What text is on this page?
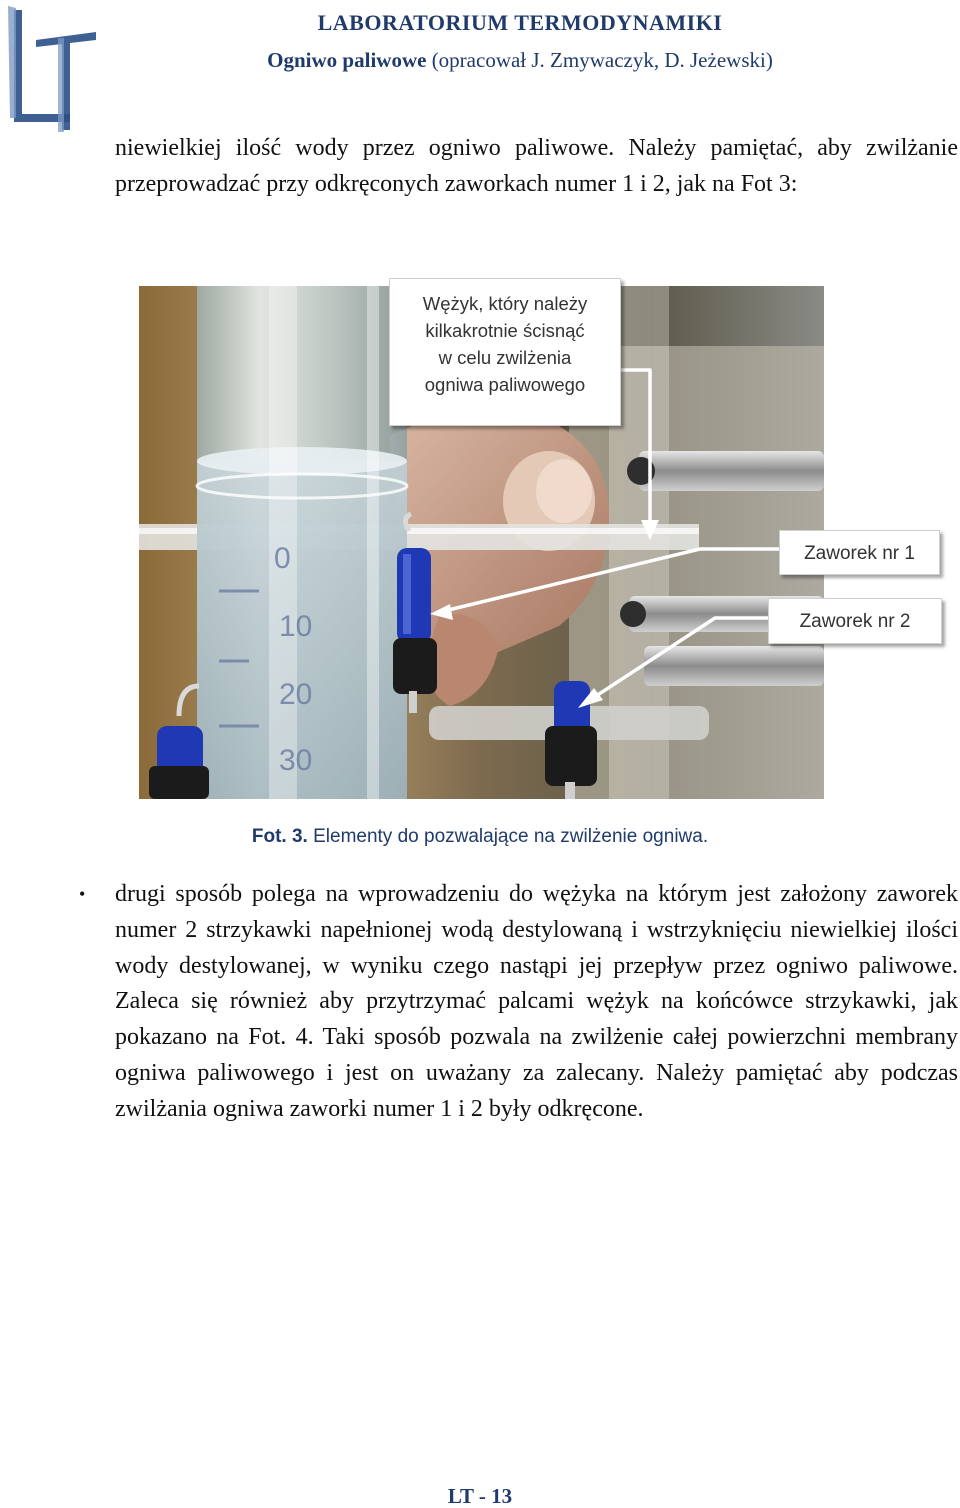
LABORATORIUM TERMODYNAMIKI
Ogniwo paliwowe (opracował J. Zmywaczyk, D. Jeżewski)

niewielkiej ilość wody przez ogniwo paliwowe. Należy pamiętać, aby zwilżanie przeprowadzać przy odkręconych zaworkach numer 1 i 2, jak na Fot 3:

0
10
20
30
Wężyk, który należy
kilkakrotnie ścisnąć
w celu zwilżenia
ogniwa paliwowego
Zaworek nr 1
Zaworek nr 2
Fot. 3. Elementy do pozwalające na zwilżenie ogniwa.
• drugi sposób polega na wprowadzeniu do wężyka na którym jest założony zaworek numer 2 strzykawki napełnionej wodą destylowaną i wstrzyknięciu niewielkiej ilości wody destylowanej, w wyniku czego nastąpi jej przepływ przez ogniwo paliwowe. Zaleca się również aby przytrzymać palcami wężyk na końcówce strzykawki, jak pokazano na Fot. 4. Taki sposób pozwala na zwilżenie całej powierzchni membrany ogniwa paliwowego i jest on uważany za zalecany. Należy pamiętać aby podczas zwilżania ogniwa zaworki numer 1 i 2 były odkręcone.

LT - 13
